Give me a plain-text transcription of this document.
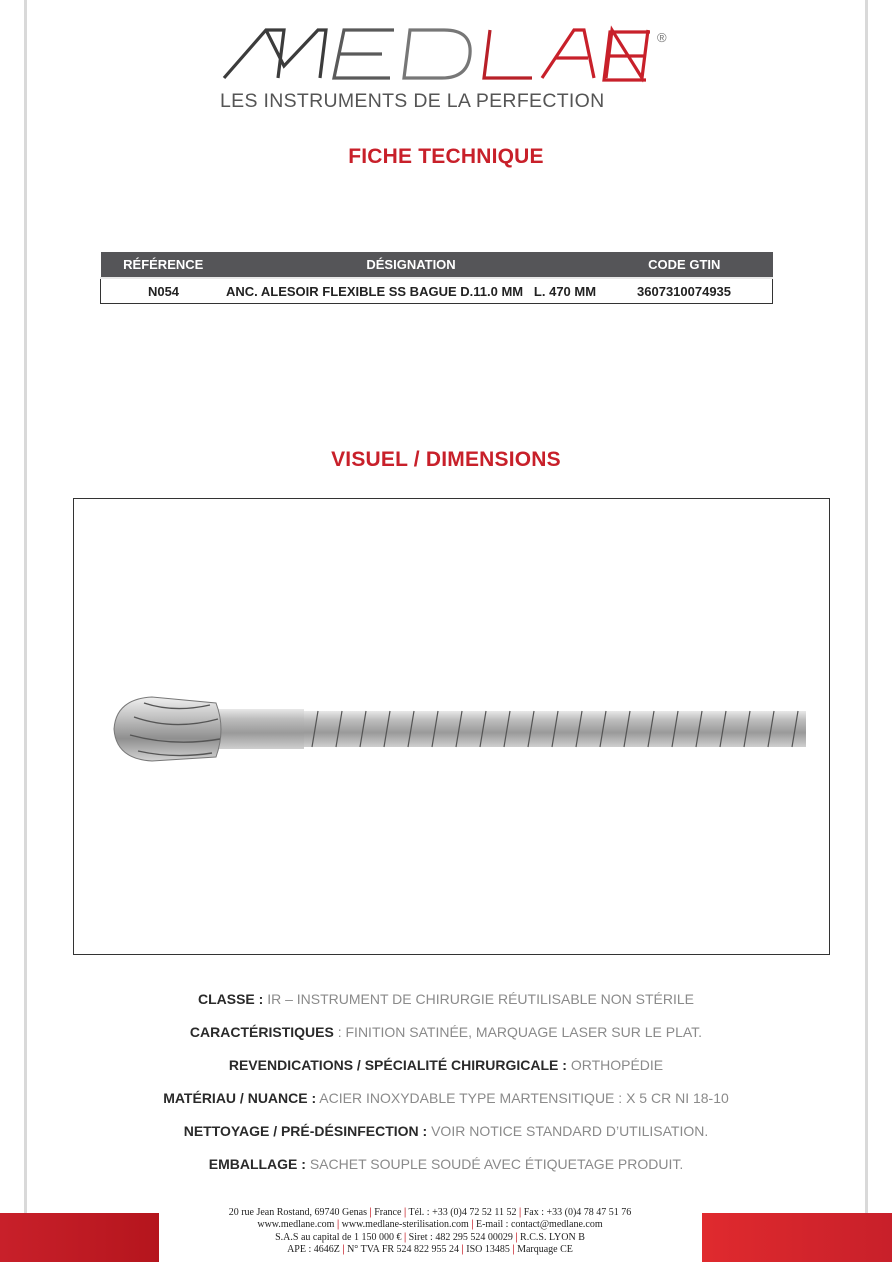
®
LES INSTRUMENTS DE LA PERFECTION
FICHE TECHNIQUE
RÉFÉRENCE	DÉSIGNATION	CODE GTIN
N054	ANC. ALESOIR FLEXIBLE SS BAGUE D.11.0 MM   L. 470 MM	3607310074935
VISUEL / DIMENSIONS
CLASSE : IR – INSTRUMENT DE CHIRURGIE RÉUTILISABLE NON STÉRILE
CARACTÉRISTIQUES : FINITION SATINÉE, MARQUAGE LASER SUR LE PLAT.
REVENDICATIONS / SPÉCIALITÉ CHIRURGICALE : ORTHOPÉDIE
MATÉRIAU / NUANCE : ACIER INOXYDABLE TYPE MARTENSITIQUE : X 5 CR NI 18-10
NETTOYAGE / PRÉ-DÉSINFECTION : VOIR NOTICE STANDARD D’UTILISATION.
EMBALLAGE : SACHET SOUPLE SOUDÉ AVEC ÉTIQUETAGE PRODUIT.
20 rue Jean Rostand, 69740 Genas | France | Tél. : +33 (0)4 72 52 11 52 | Fax : +33 (0)4 78 47 51 76
www.medlane.com | www.medlane-sterilisation.com | E-mail : contact@medlane.com
S.A.S au capital de 1 150 000 € | Siret : 482 295 524 00029 | R.C.S. LYON B
APE : 4646Z | N° TVA FR 524 822 955 24 | ISO 13485 | Marquage CE
